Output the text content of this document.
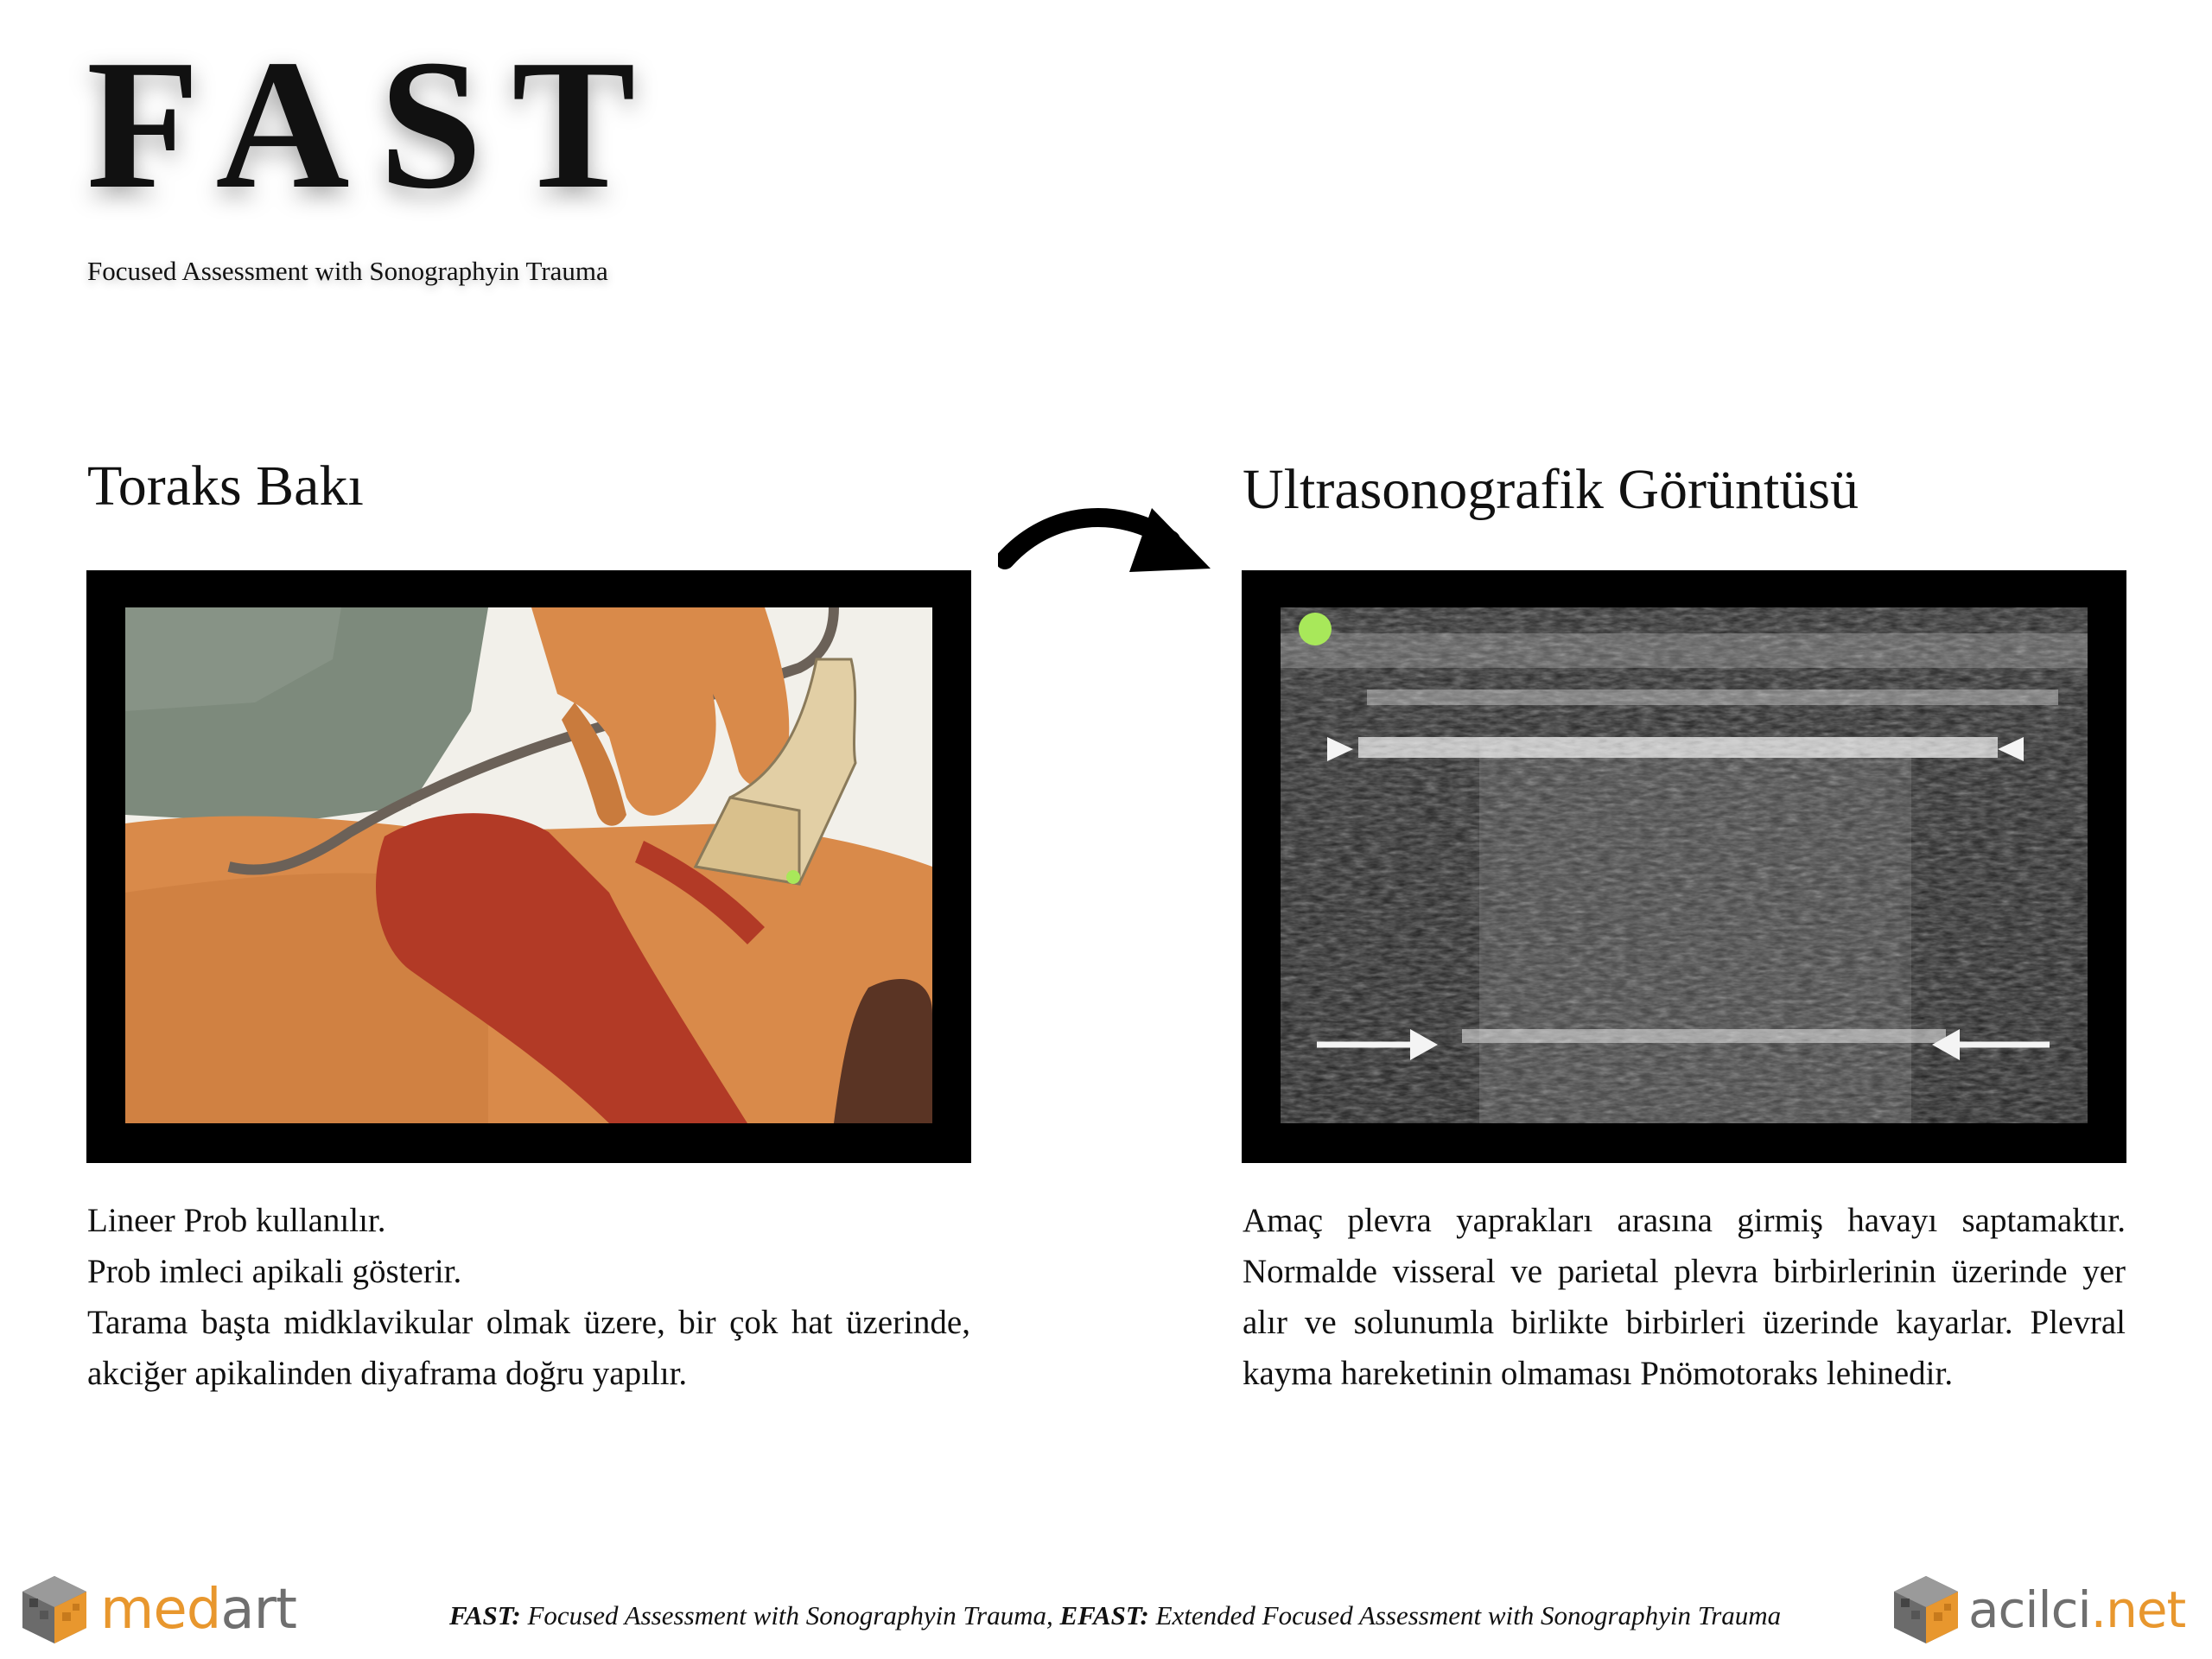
FAST
Focused Assessment with Sonographyin Trauma
Toraks Bakı	Ultrasonografik Görüntüsü

Lineer Prob kullanılır.

Prob imleci apikali gösterir.

Tarama başta midklavikular olmak üzere, bir çok hat üzerinde, akciğer apikalinden diyaframa doğru yapılır.

Amaç plevra yaprakları arasına girmiş havayı saptamaktır. Normalde visseral ve parietal plevra birbirlerinin üzerinde yer alır ve solunumla birlikte birbirleri üzerinde kayarlar. Plevral kayma hareketinin olmaması Pnömotoraks lehinedir.
medart	FAST: Focused Assessment with Sonographyin Trauma, EFAST: Extended Focused Assessment with Sonographyin Trauma	acilci.net
